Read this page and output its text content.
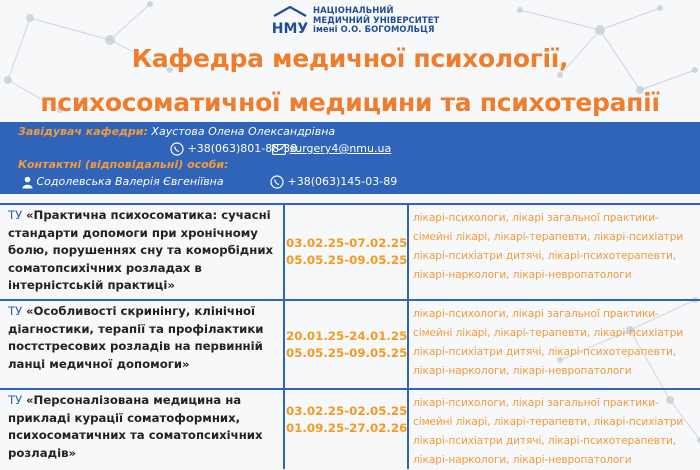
НМУ
НАЦІОНАЛЬНИЙ
МЕДИЧНИЙ УНІВЕРСИТЕТ
імені О.О. БОГОМОЛЬЦЯ
Кафедра медичної психології,
психосоматичної медицини та психотерапії
Завідувач кафедри: Хаустова Олена Олександрівна
+38(063)801-88-38
surgery4@nmu.ua
Контактні (відповідальні) особи:
Содолевська Валерія Євгеніївна	+38(063)145-03-89
ТУ «Практична психосоматика: сучасні стандарти допомоги при хронічному болю, порушеннях сну та коморбідних соматопсихічних розладах в інтерністській практиці»
03.02.25-07.02.25
05.05.25-09.05.25
лікарі-психологи, лікарі загальної практики-
сімейні лікарі, лікарі-терапевти, лікарі-психіатри
лікарі-психіатри дитячі, лікарі-психотерапевти,
лікарі-наркологи, лікарі-невропатологи
ТУ «Особливості скринінгу, клінічної діагностики, терапії та профілактики постстресових розладів на первинній ланці медичної допомоги»
20.01.25-24.01.25
05.05.25-09.05.25
лікарі-психологи, лікарі загальної практики-
сімейні лікарі, лікарі-терапевти, лікарі-психіатри
лікарі-психіатри дитячі, лікарі-психотерапевти,
лікарі-наркологи, лікарі-невропатологи
ТУ «Персоналізована медицина на прикладі курації соматоформних, психосоматичних та соматопсихічних розладів»
03.02.25-02.05.25
01.09.25-27.02.26
лікарі-психологи, лікарі загальної практики-
сімейні лікарі, лікарі-терапевти, лікарі-психіатри
лікарі-психіатри дитячі, лікарі-психотерапевти,
лікарі-наркологи, лікарі-невропатологи
